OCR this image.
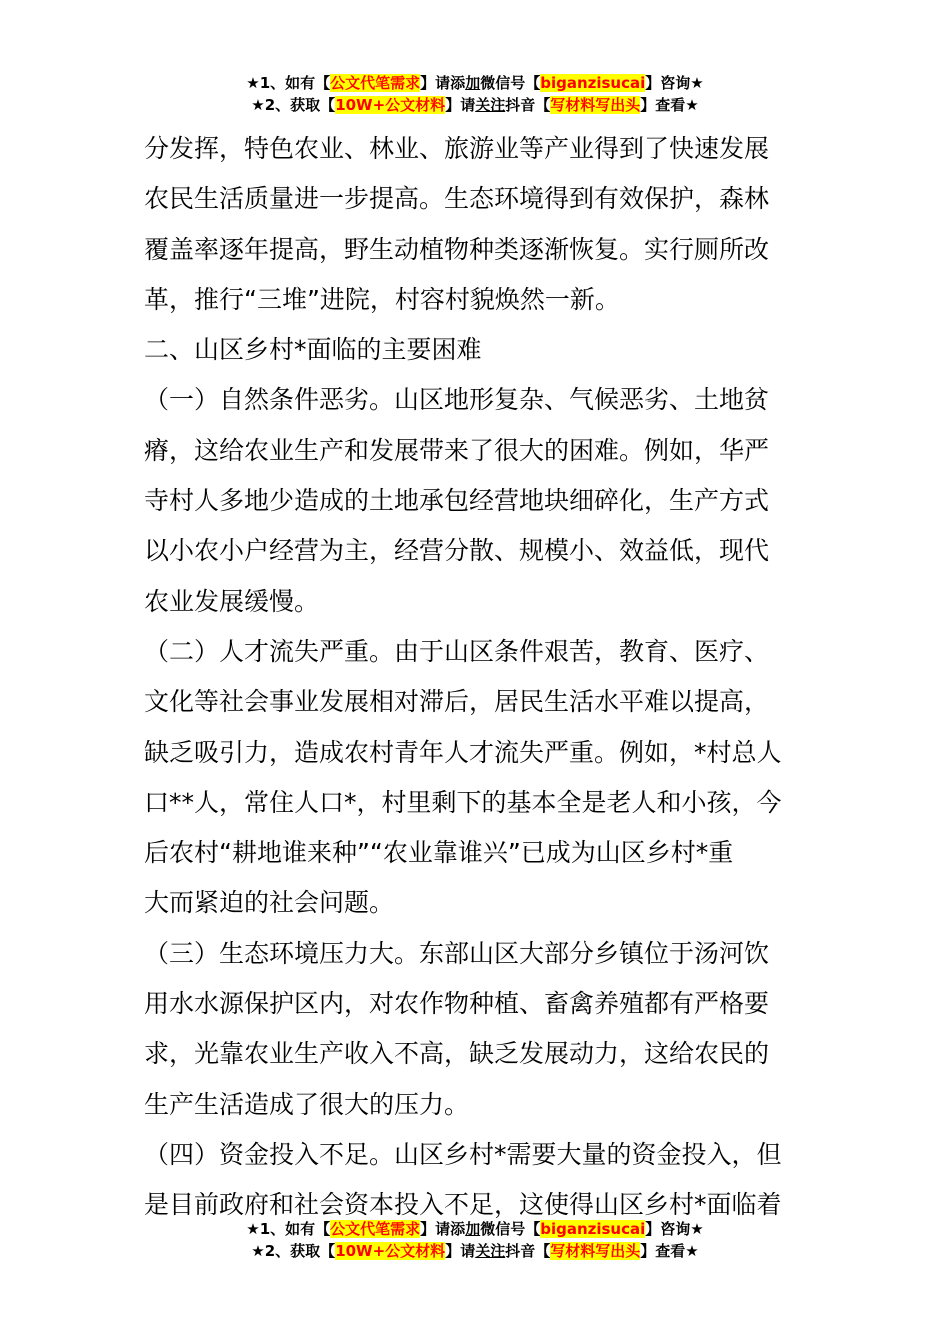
★1、如有【公文代笔需求】请添加微信号【biganzisucai】咨询★
★2、获取【10W+公文材料】请关注抖音【写材料写出头】查看★

分发挥，特色农业、林业、旅游业等产业得到了快速发展

农民生活质量进一步提高。生态环境得到有效保护，森林

覆盖率逐年提高，野生动植物种类逐渐恢复。实行厕所改

革，推行“三堆”进院，村容村貌焕然一新。

二、山区乡村*面临的主要困难

（一）自然条件恶劣。山区地形复杂、气候恶劣、土地贫

瘠，这给农业生产和发展带来了很大的困难。例如，华严

寺村人多地少造成的土地承包经营地块细碎化，生产方式

以小农小户经营为主，经营分散、规模小、效益低，现代

农业发展缓慢。

（二）人才流失严重。由于山区条件艰苦，教育、医疗、

文化等社会事业发展相对滞后，居民生活水平难以提高，

缺乏吸引力，造成农村青年人才流失严重。例如，*村总人

口**人，常住人口*，村里剩下的基本全是老人和小孩，今

后农村“耕地谁来种”“农业靠谁兴”已成为山区乡村*重

大而紧迫的社会问题。

（三）生态环境压力大。东部山区大部分乡镇位于汤河饮

用水水源保护区内，对农作物种植、畜禽养殖都有严格要

求，光靠农业生产收入不高，缺乏发展动力，这给农民的

生产生活造成了很大的压力。

（四）资金投入不足。山区乡村*需要大量的资金投入，但

是目前政府和社会资本投入不足，这使得山区乡村*面临着

★1、如有【公文代笔需求】请添加微信号【biganzisucai】咨询★
★2、获取【10W+公文材料】请关注抖音【写材料写出头】查看★
